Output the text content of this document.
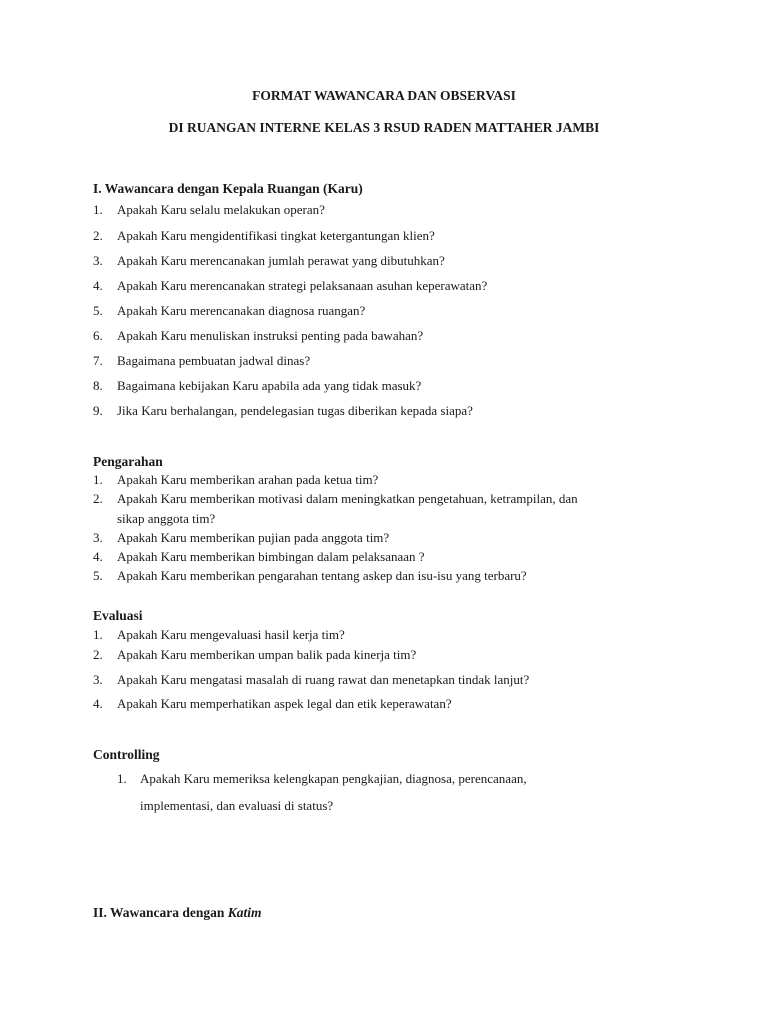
FORMAT WAWANCARA DAN OBSERVASI
DI RUANGAN INTERNE KELAS 3 RSUD RADEN MATTAHER JAMBI
I. Wawancara dengan Kepala Ruangan (Karu)
1. Apakah Karu selalu melakukan operan?
2. Apakah Karu mengidentifikasi tingkat ketergantungan klien?
3. Apakah Karu merencanakan jumlah perawat yang dibutuhkan?
4. Apakah Karu merencanakan strategi pelaksanaan asuhan keperawatan?
5. Apakah Karu merencanakan diagnosa ruangan?
6. Apakah Karu menuliskan instruksi penting pada bawahan?
7. Bagaimana pembuatan jadwal dinas?
8. Bagaimana kebijakan Karu apabila ada yang tidak masuk?
9. Jika Karu berhalangan, pendelegasian tugas diberikan kepada siapa?
Pengarahan
1. Apakah Karu memberikan arahan pada ketua tim?
2. Apakah Karu memberikan motivasi dalam meningkatkan pengetahuan, ketrampilan, dan
sikap anggota tim?
3. Apakah Karu memberikan pujian pada anggota tim?
4. Apakah Karu memberikan bimbingan dalam pelaksanaan ?
5. Apakah Karu memberikan pengarahan tentang askep dan isu-isu yang terbaru?
Evaluasi
1. Apakah Karu mengevaluasi hasil kerja tim?
2. Apakah Karu memberikan umpan balik pada kinerja tim?
3. Apakah Karu mengatasi masalah di ruang rawat dan menetapkan tindak lanjut?
4. Apakah Karu memperhatikan aspek legal dan etik keperawatan?
Controlling
1. Apakah Karu memeriksa kelengkapan pengkajian, diagnosa, perencanaan,
implementasi, dan evaluasi di status?
II. Wawancara dengan Katim
